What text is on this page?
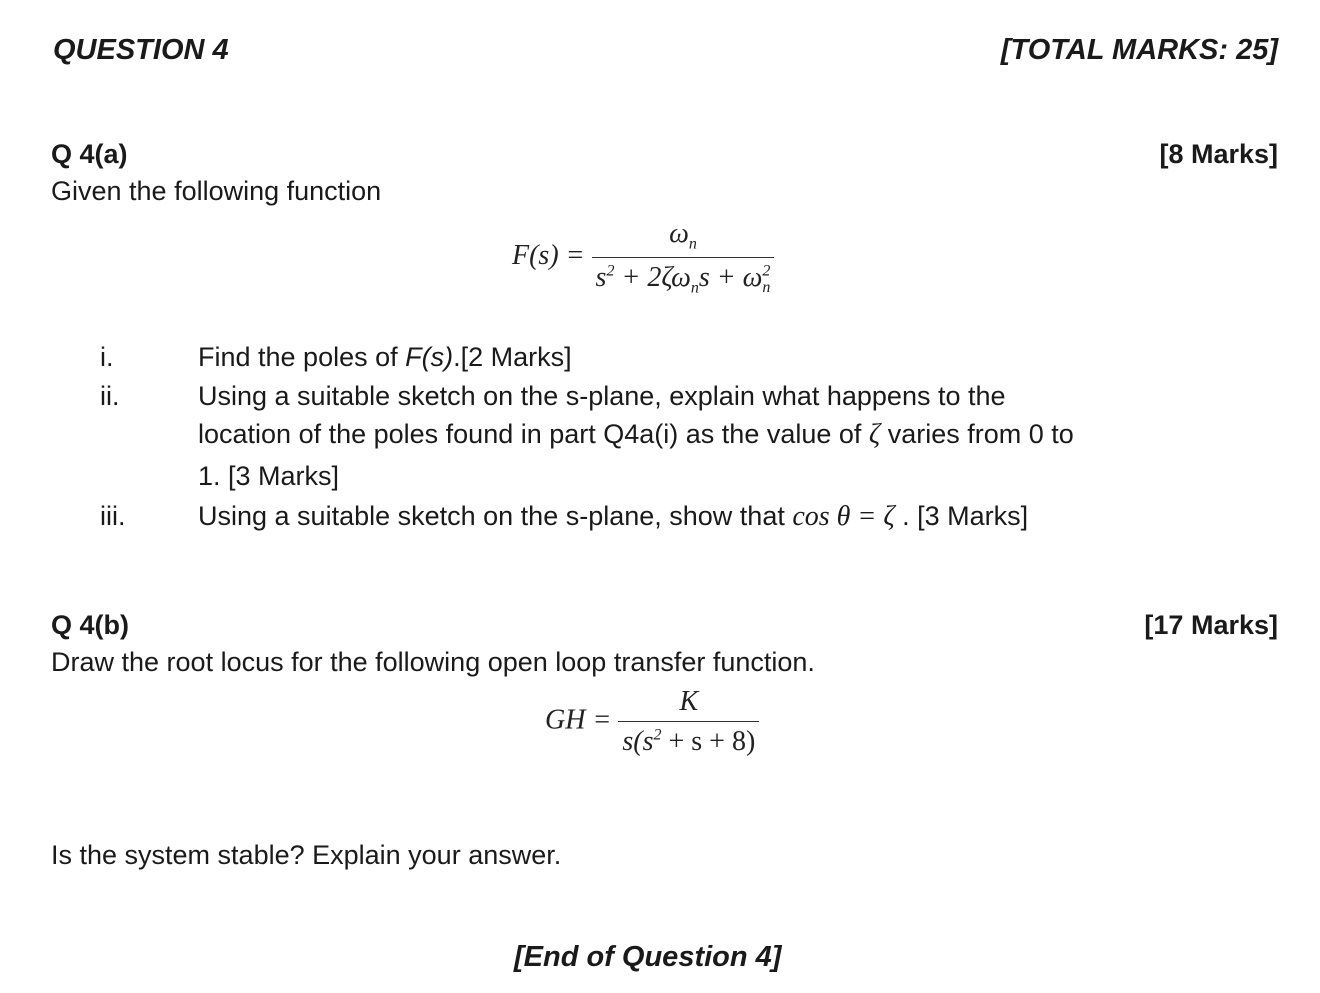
QUESTION 4	[TOTAL MARKS: 25]
Q 4(a)	[8 Marks]
Given the following function
$F(s) = \frac{\omega_n}{s^2 + 2\zeta\omega_ns + \omega^2_n}$
i.	Find the poles of F(s).[2 Marks]
ii.	Using a suitable sketch on the s-plane, explain what happens to the
location of the poles found in part Q4a(i) as the value of ζ varies from 0 to
1. [3 Marks]
iii.	Using a suitable sketch on the s-plane, show that cos θ = ζ . [3 Marks]
Q 4(b)	[17 Marks]
Draw the root locus for the following open loop transfer function.
GH = $\frac{K}{s(s^2 + s + 8)}$
Is the system stable? Explain your answer.
[End of Question 4]
